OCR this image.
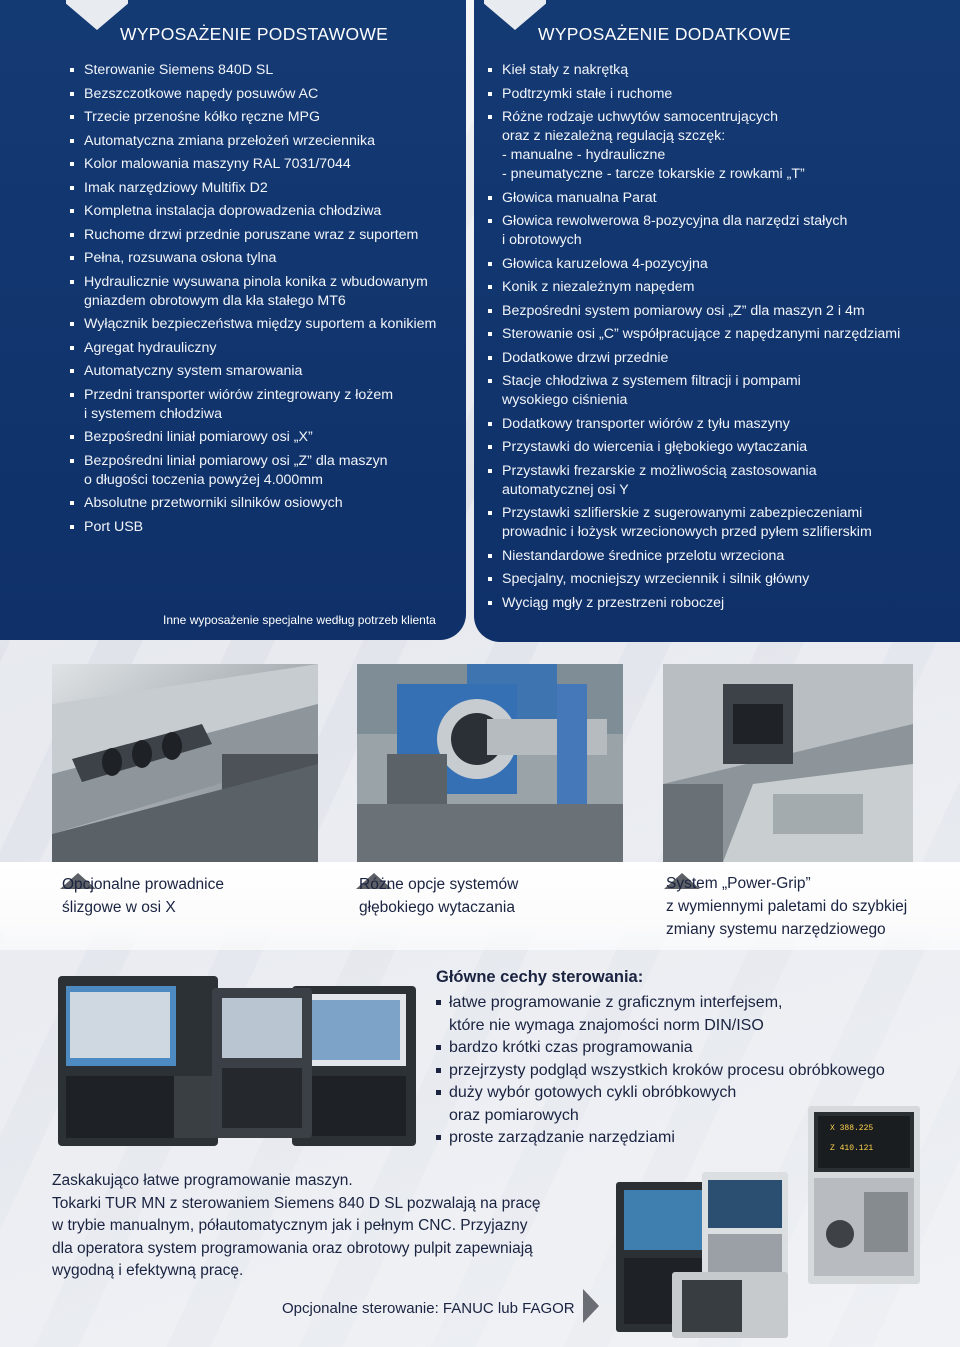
WYPOSAŻENIE PODSTAWOWE
Sterowanie Siemens 840D SL
Bezszczotkowe napędy posuwów AC
Trzecie przenośne kółko ręczne MPG
Automatyczna zmiana przełożeń wrzeciennika
Kolor malowania maszyny RAL 7031/7044
Imak narzędziowy Multifix D2
Kompletna instalacja doprowadzenia chłodziwa
Ruchome drzwi przednie poruszane wraz z suportem
Pełna, rozsuwana osłona tylna
Hydraulicznie wysuwana pinola konika z wbudowanym
gniazdem obrotowym dla kła stałego MT6
Wyłącznik bezpieczeństwa między suportem a konikiem
Agregat hydrauliczny
Automatyczny system smarowania
Przedni transporter wiórów zintegrowany z łożem
i systemem chłodziwa
Bezpośredni liniał pomiarowy osi „X”
Bezpośredni liniał pomiarowy osi „Z” dla maszyn
o długości toczenia powyżej 4.000mm
Absolutne przetworniki silników osiowych
Port USB
Inne wyposażenie specjalne według potrzeb klienta
WYPOSAŻENIE DODATKOWE
Kieł stały z nakrętką
Podtrzymki stałe i ruchome
Różne rodzaje uchwytów samocentrujących
oraz z niezależną regulacją szczęk:
- manualne - hydrauliczne
- pneumatyczne - tarcze tokarskie z rowkami „T”
Głowica manualna Parat
Głowica rewolwerowa 8-pozycyjna dla narzędzi stałych
i obrotowych
Głowica karuzelowa 4-pozycyjna
Konik z niezależnym napędem
Bezpośredni system pomiarowy osi „Z” dla maszyn 2 i 4m
Sterowanie osi „C” współpracujące z napędzanymi narzędziami
Dodatkowe drzwi przednie
Stacje chłodziwa z systemem filtracji i pompami
wysokiego ciśnienia
Dodatkowy transporter wiórów z tyłu maszyny
Przystawki do wiercenia i głębokiego wytaczania
Przystawki frezarskie z możliwością zastosowania
automatycznej osi Y
Przystawki szlifierskie z sugerowanymi zabezpieczeniami
prowadnic i łożysk wrzecionowych przed pyłem szlifierskim
Niestandardowe średnice przelotu wrzeciona
Specjalny, mocniejszy wrzeciennik i silnik główny
Wyciąg mgły z przestrzeni roboczej
Opcjonalne prowadnice
ślizgowe w osi X
Różne opcje systemów
głębokiego wytaczania
System „Power-Grip”
z wymiennymi paletami do szybkiej
zmiany systemu narzędziowego
Główne cechy sterowania:
łatwe programowanie z graficznym interfejsem,
które nie wymaga znajomości norm DIN/ISO
bardzo krótki czas programowania
przejrzysty podgląd wszystkich kroków procesu obróbkowego
duży wybór gotowych cykli obróbkowych
oraz pomiarowych
proste zarządzanie narzędziami
X 388.225
Z 410.121
Zaskakująco łatwe programowanie maszyn.
Tokarki TUR MN z sterowaniem Siemens 840 D SL pozwalają na pracę
w trybie manualnym, półautomatycznym jak i pełnym CNC. Przyjazny
dla operatora system programowania oraz obrotowy pulpit zapewniają
wygodną i efektywną pracę.
Opcjonalne sterowanie: FANUC lub FAGOR
